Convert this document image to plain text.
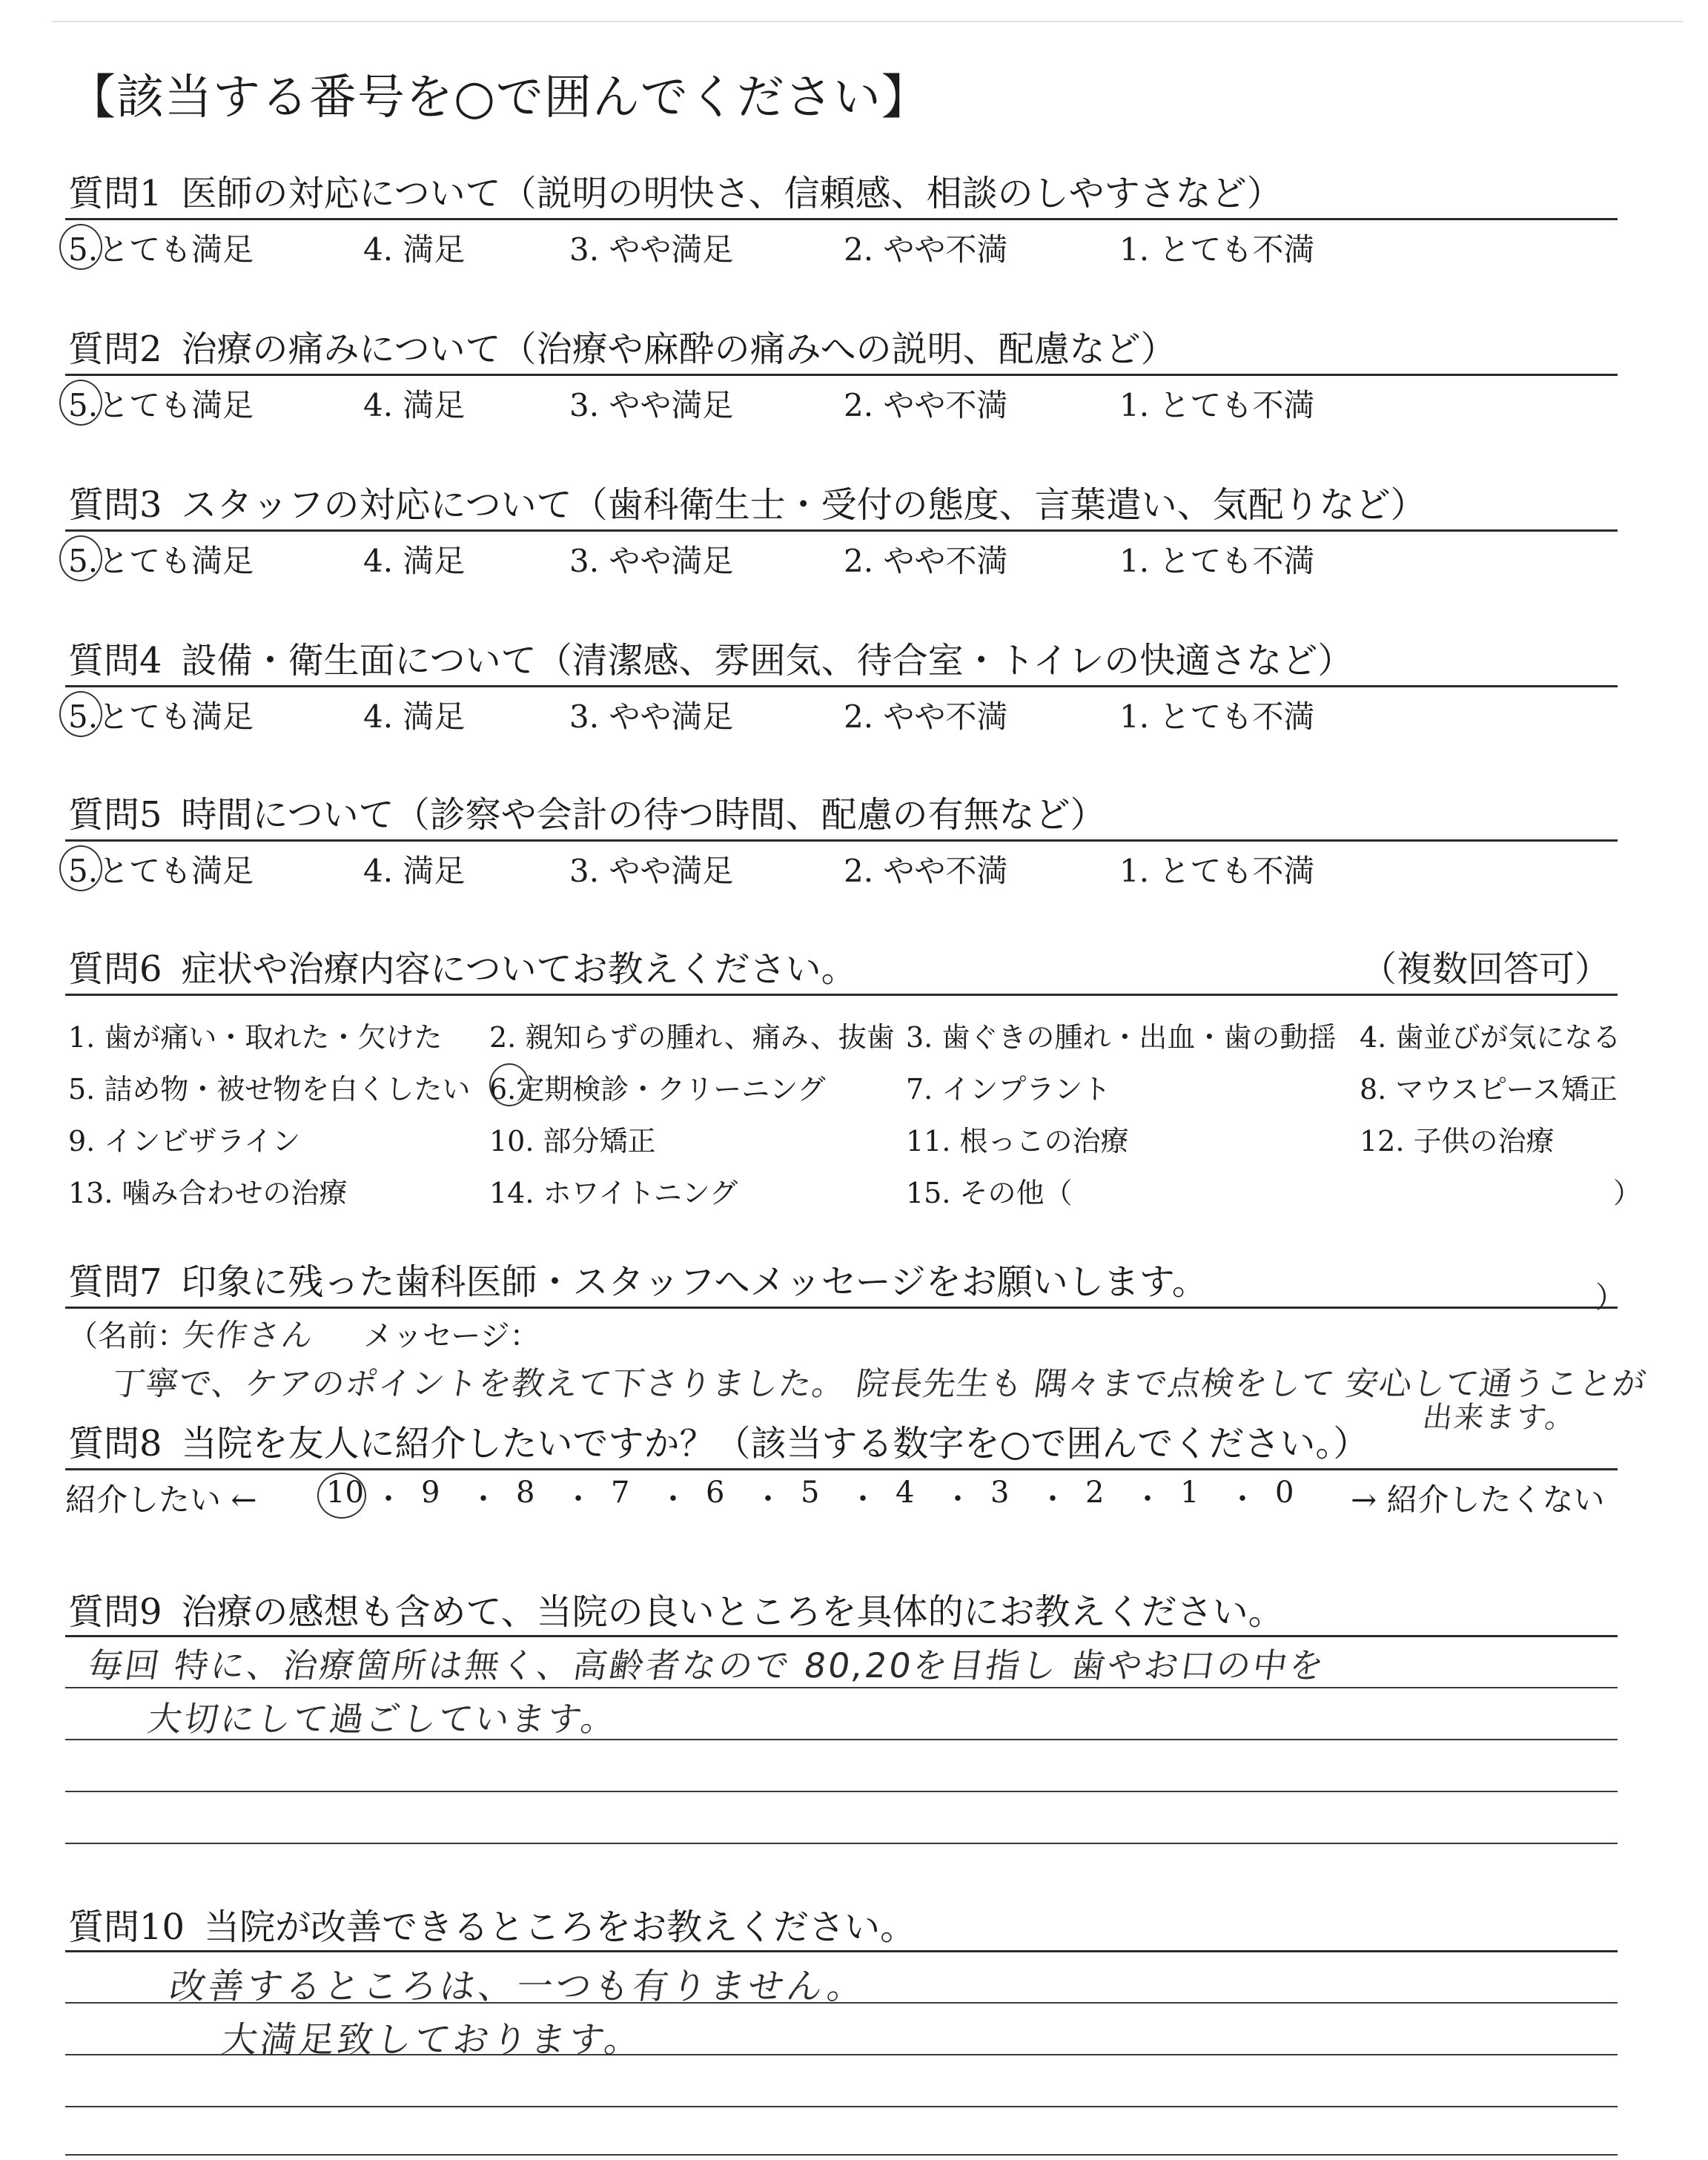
【該当する番号を○で囲んでください】
質問1 医師の対応について（説明の明快さ、信頼感、相談のしやすさなど）
5.とても満足	4. 満足	3. やや満足	2. やや不満	1. とても不満
質問2 治療の痛みについて（治療や麻酔の痛みへの説明、配慮など）
5.とても満足	4. 満足	3. やや満足	2. やや不満	1. とても不満
質問3 スタッフの対応について（歯科衛生士・受付の態度、言葉遣い、気配りなど）
5.とても満足	4. 満足	3. やや満足	2. やや不満	1. とても不満
質問4 設備・衛生面について（清潔感、雰囲気、待合室・トイレの快適さなど）
5.とても満足	4. 満足	3. やや満足	2. やや不満	1. とても不満
質問5 時間について（診察や会計の待つ時間、配慮の有無など）
5.とても満足	4. 満足	3. やや満足	2. やや不満	1. とても不満
質問6 症状や治療内容についてお教えください。	（複数回答可）
1. 歯が痛い・取れた・欠けた 2. 親知らずの腫れ、痛み、抜歯 3. 歯ぐきの腫れ・出血・歯の動揺 4. 歯並びが気になる
5. 詰め物・被せ物を白くしたい 6.定期検診・クリーニング	7. インプラント	8. マウスピース矯正
9. インビザライン	10. 部分矯正	11. 根っこの治療	12. 子供の治療
13. 噛み合わせの治療	14. ホワイトニング	15. その他（	）
質問7 印象に残った歯科医師・スタッフへメッセージをお願いします。
（名前：
矢作さん メッセージ：
）
丁寧で、ケアのポイントを教えて下さりました。 院長先生も 隅々まで点検をして 安心して通うことが
出来ます。
質問8 当院を友人に紹介したいですか？（該当する数字を○で囲んでください。）
紹介したい ←	→ 紹介したくない
10 ・ 9 ・ 8 ・ 7 ・ 6 ・ 5 ・ 4 ・ 3 ・ 2 ・ 1 ・ 0
質問9 治療の感想も含めて、当院の良いところを具体的にお教えください。
毎回 特に、治療箇所は無く、高齢者なので 80,20を目指し 歯やお口の中を
大切にして過ごしています。
質問10 当院が改善できるところをお教えください。
改善するところは、一つも有りません。
大満足致しております。
